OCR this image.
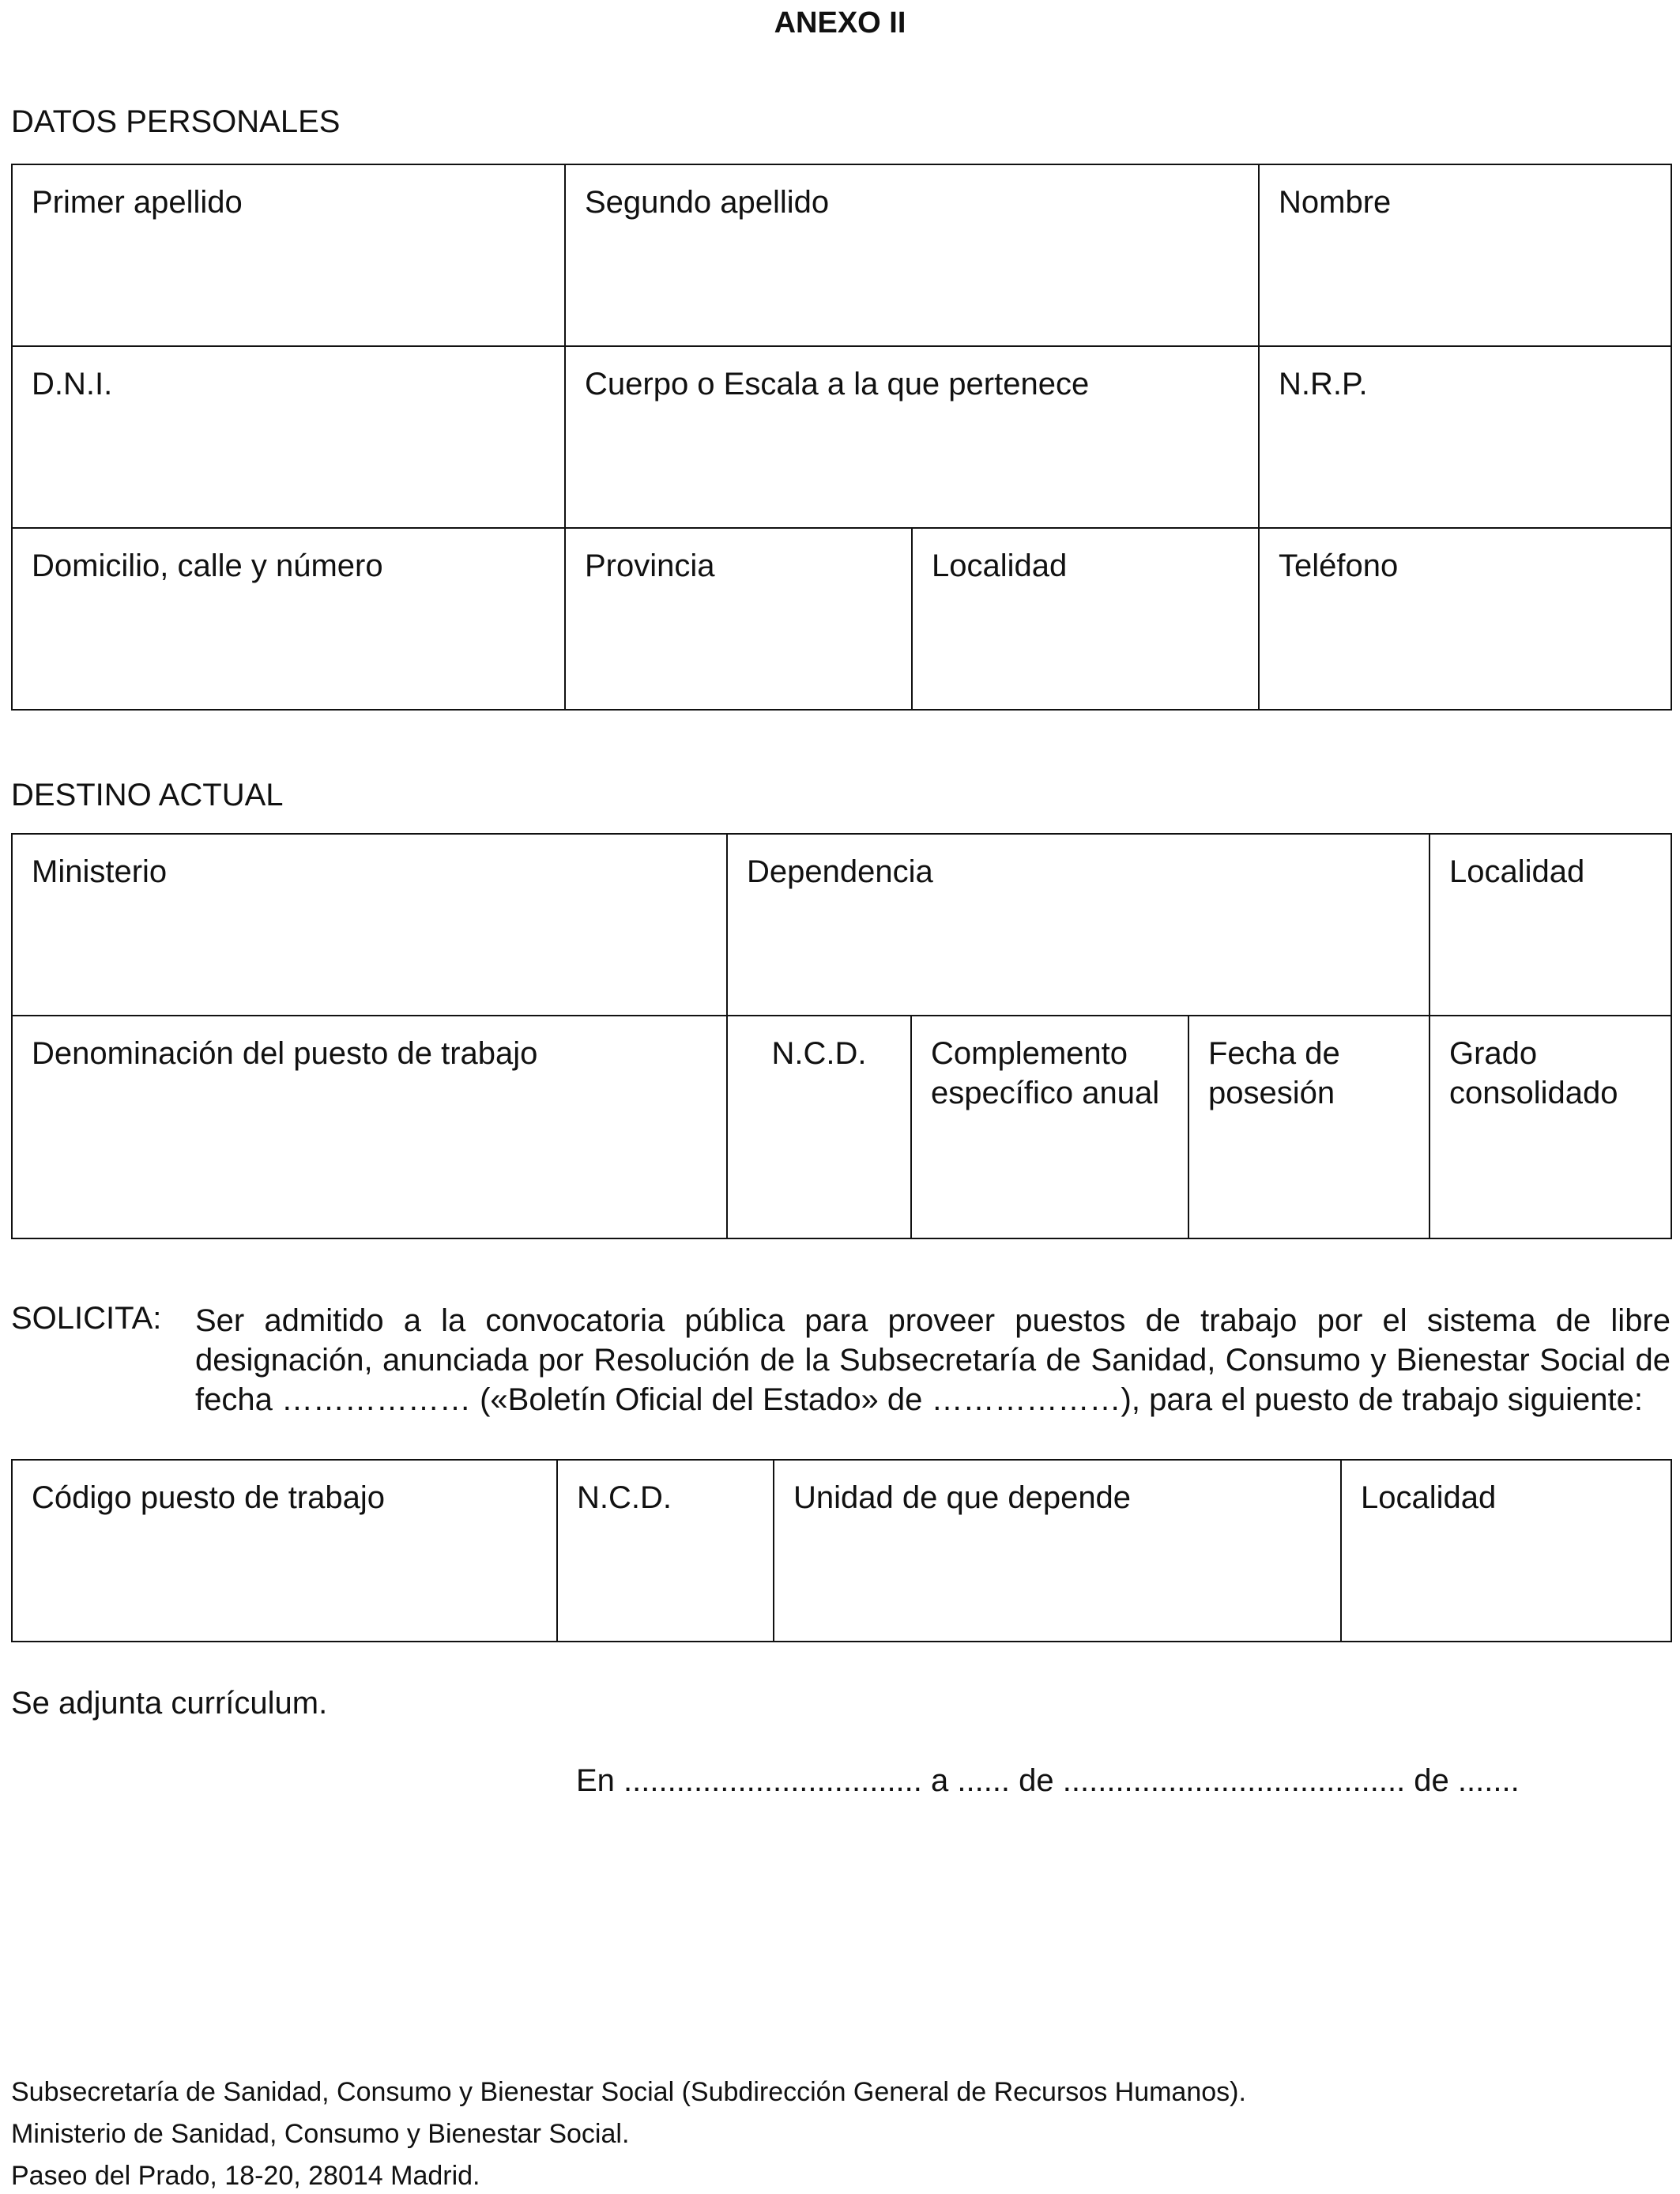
ANEXO II
DATOS PERSONALES
Primer apellido	Segundo apellido		Nombre
D.N.I.	Cuerpo o Escala a la que pertenece		N.R.P.
Domicilio, calle y número	Provincia	Localidad	Teléfono
DESTINO ACTUAL
Ministerio	Dependencia			Localidad
Denominación del puesto de trabajo	N.C.D.	Complemento específico anual	Fecha de posesión	Grado consolidado
SOLICITA: Ser admitido a la convocatoria pública para proveer puestos de trabajo por el sistema de libre designación, anunciada por Resolución de la Subsecretaría de Sanidad, Consumo y Bienestar Social de fecha ……………… («Boletín Oficial del Estado» de ………………), para el puesto de trabajo siguiente:
Código puesto de trabajo	N.C.D.	Unidad de que depende	Localidad
Se adjunta currículum.
En .................................. a ...... de ....................................... de .......
Subsecretaría de Sanidad, Consumo y Bienestar Social (Subdirección General de Recursos Humanos).
Ministerio de Sanidad, Consumo y Bienestar Social.
Paseo del Prado, 18-20, 28014 Madrid.
